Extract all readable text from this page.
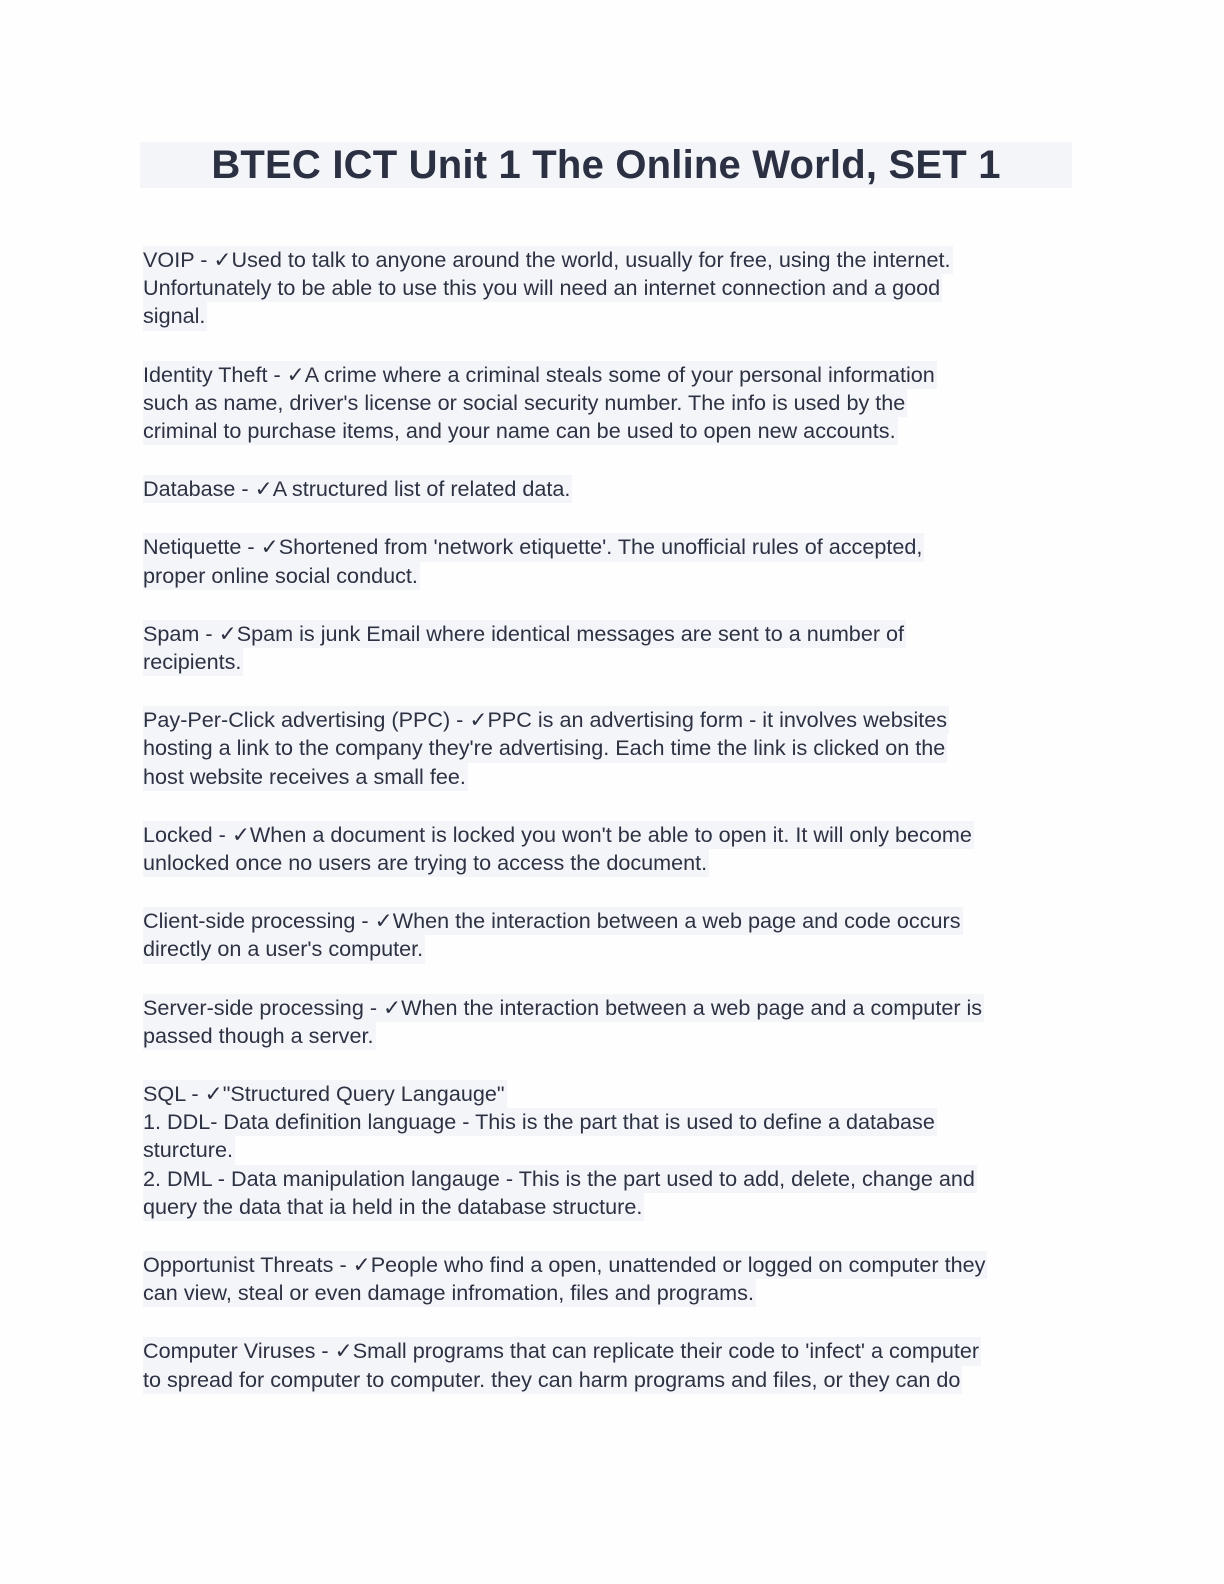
BTEC ICT Unit 1 The Online World, SET 1
VOIP - ✓Used to talk to anyone around the world, usually for free, using the internet.
Unfortunately to be able to use this you will need an internet connection and a good
signal.
Identity Theft - ✓A crime where a criminal steals some of your personal information
such as name, driver's license or social security number. The info is used by the
criminal to purchase items, and your name can be used to open new accounts.
Database - ✓A structured list of related data.
Netiquette - ✓Shortened from 'network etiquette'. The unofficial rules of accepted,
proper online social conduct.
Spam - ✓Spam is junk Email where identical messages are sent to a number of
recipients.
Pay-Per-Click advertising (PPC) - ✓PPC is an advertising form - it involves websites
hosting a link to the company they're advertising. Each time the link is clicked on the
host website receives a small fee.
Locked - ✓When a document is locked you won't be able to open it. It will only become
unlocked once no users are trying to access the document.
Client-side processing - ✓When the interaction between a web page and code occurs
directly on a user's computer.
Server-side processing - ✓When the interaction between a web page and a computer is
passed though a server.
SQL - ✓"Structured Query Langauge"
1. DDL- Data definition language - This is the part that is used to define a database
sturcture.
2. DML - Data manipulation langauge - This is the part used to add, delete, change and
query the data that ia held in the database structure.
Opportunist Threats - ✓People who find a open, unattended or logged on computer they
can view, steal or even damage infromation, files and programs.
Computer Viruses - ✓Small programs that can replicate their code to 'infect' a computer
to spread for computer to computer. they can harm programs and files, or they can do
